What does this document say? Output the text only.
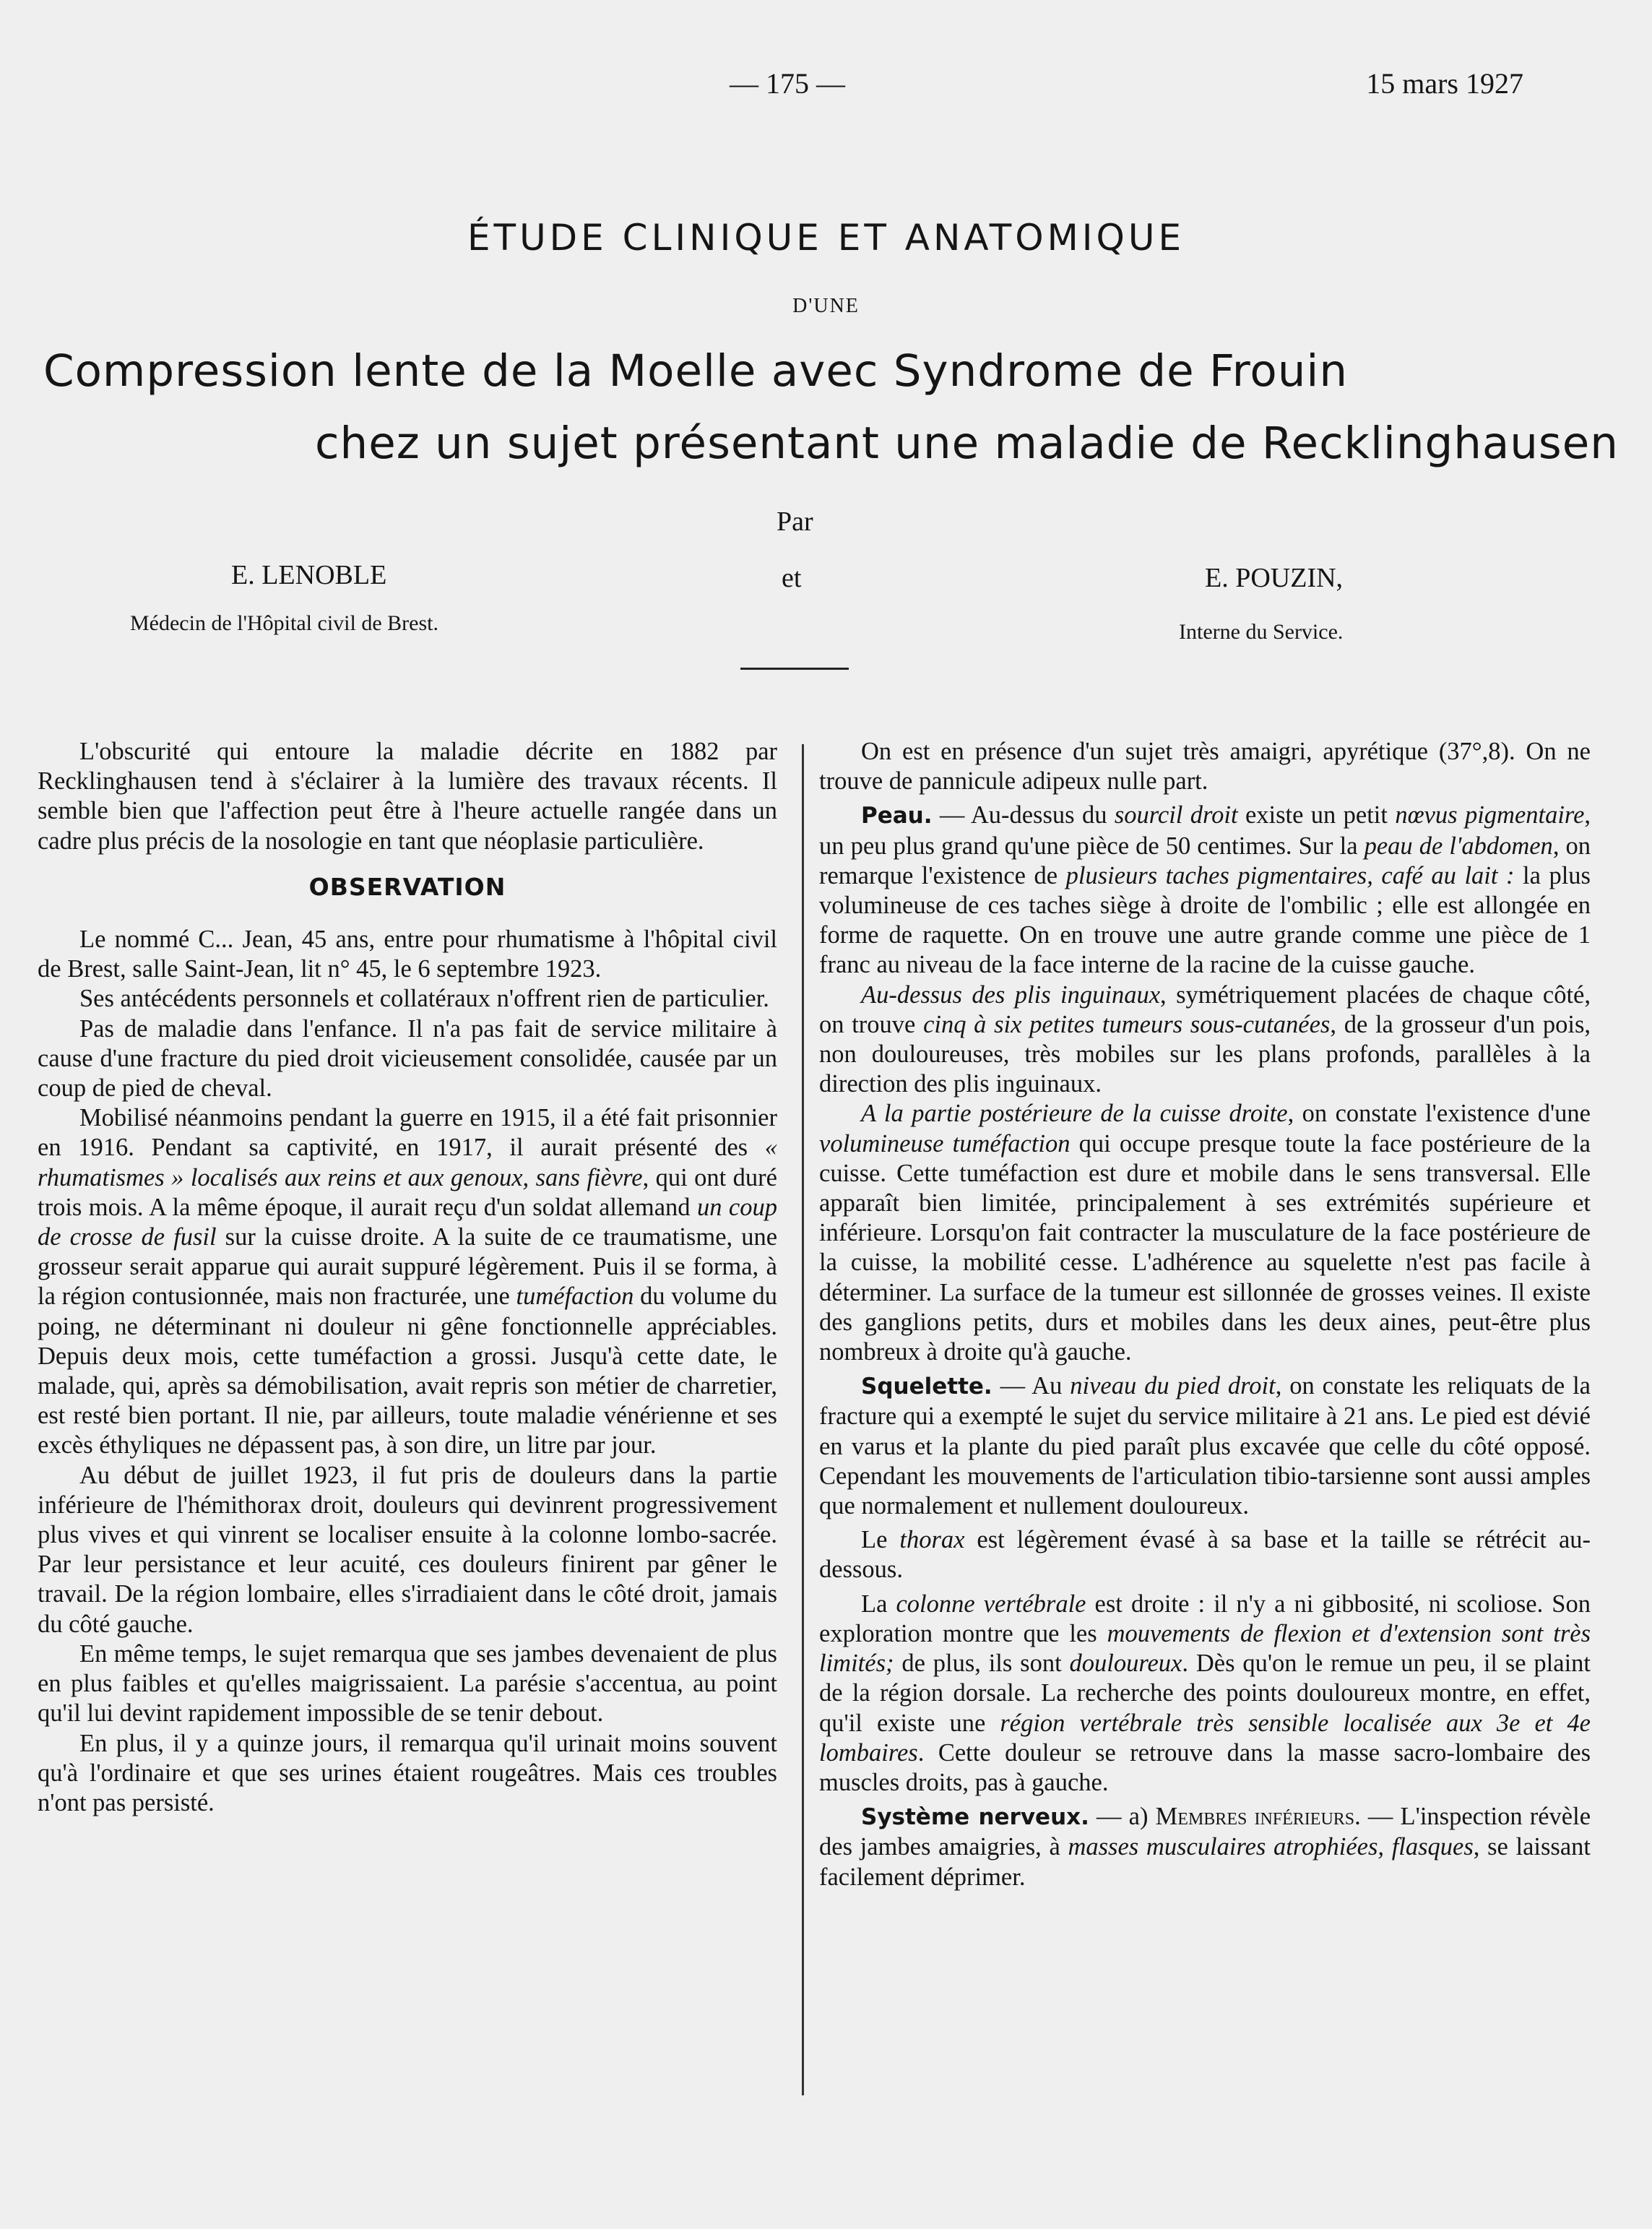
— 175 —	15 mars 1927
ÉTUDE CLINIQUE ET ANATOMIQUE
D'UNE
Compression lente de la Moelle avec Syndrome de Frouin
chez un sujet présentant une maladie de Recklinghausen
Par
E. LENOBLE	et	E. POUZIN,
Médecin de l'Hôpital civil de Brest.	Interne du Service.

L'obscurité qui entoure la maladie décrite en 1882 par Recklinghausen tend à s'éclairer à la lumière des travaux récents. Il semble bien que l'affection peut être à l'heure actuelle rangée dans un cadre plus précis de la nosologie en tant que néoplasie particulière.

OBSERVATION

Le nommé C... Jean, 45 ans, entre pour rhumatisme à l'hôpital civil de Brest, salle Saint-Jean, lit n° 45, le 6 septembre 1923.

Ses antécédents personnels et collatéraux n'offrent rien de particulier.

Pas de maladie dans l'enfance. Il n'a pas fait de service militaire à cause d'une fracture du pied droit vicieusement consolidée, causée par un coup de pied de cheval.

Mobilisé néanmoins pendant la guerre en 1915, il a été fait prisonnier en 1916. Pendant sa captivité, en 1917, il aurait présenté des « rhumatismes » localisés aux reins et aux genoux, sans fièvre, qui ont duré trois mois. A la même époque, il aurait reçu d'un soldat allemand un coup de crosse de fusil sur la cuisse droite. A la suite de ce traumatisme, une grosseur serait apparue qui aurait suppuré légèrement. Puis il se forma, à la région contusionnée, mais non fracturée, une tuméfaction du volume du poing, ne déterminant ni douleur ni gêne fonctionnelle appréciables. Depuis deux mois, cette tuméfaction a grossi. Jusqu'à cette date, le malade, qui, après sa démobilisation, avait repris son métier de charretier, est resté bien portant. Il nie, par ailleurs, toute maladie vénérienne et ses excès éthyliques ne dépassent pas, à son dire, un litre par jour.

Au début de juillet 1923, il fut pris de douleurs dans la partie inférieure de l'hémithorax droit, douleurs qui devinrent progressivement plus vives et qui vinrent se localiser ensuite à la colonne lombo-sacrée. Par leur persistance et leur acuité, ces douleurs finirent par gêner le travail. De la région lombaire, elles s'irradiaient dans le côté droit, jamais du côté gauche.

En même temps, le sujet remarqua que ses jambes devenaient de plus en plus faibles et qu'elles maigrissaient. La parésie s'accentua, au point qu'il lui devint rapidement impossible de se tenir debout.

En plus, il y a quinze jours, il remarqua qu'il urinait moins souvent qu'à l'ordinaire et que ses urines étaient rougeâtres. Mais ces troubles n'ont pas persisté.

On est en présence d'un sujet très amaigri, apyrétique (37°,8). On ne trouve de pannicule adipeux nulle part.

Peau. — Au-dessus du sourcil droit existe un petit nœvus pigmentaire, un peu plus grand qu'une pièce de 50 centimes. Sur la peau de l'abdomen, on remarque l'existence de plusieurs taches pigmentaires, café au lait : la plus volumineuse de ces taches siège à droite de l'ombilic ; elle est allongée en forme de raquette. On en trouve une autre grande comme une pièce de 1 franc au niveau de la face interne de la racine de la cuisse gauche.

Au-dessus des plis inguinaux, symétriquement placées de chaque côté, on trouve cinq à six petites tumeurs sous-cutanées, de la grosseur d'un pois, non douloureuses, très mobiles sur les plans profonds, parallèles à la direction des plis inguinaux.

A la partie postérieure de la cuisse droite, on constate l'existence d'une volumineuse tuméfaction qui occupe presque toute la face postérieure de la cuisse. Cette tuméfaction est dure et mobile dans le sens transversal. Elle apparaît bien limitée, principalement à ses extrémités supérieure et inférieure. Lorsqu'on fait contracter la musculature de la face postérieure de la cuisse, la mobilité cesse. L'adhérence au squelette n'est pas facile à déterminer. La surface de la tumeur est sillonnée de grosses veines. Il existe des ganglions petits, durs et mobiles dans les deux aines, peut-être plus nombreux à droite qu'à gauche.

Squelette. — Au niveau du pied droit, on constate les reliquats de la fracture qui a exempté le sujet du service militaire à 21 ans. Le pied est dévié en varus et la plante du pied paraît plus excavée que celle du côté opposé. Cependant les mouvements de l'articulation tibio-tarsienne sont aussi amples que normalement et nullement douloureux.

Le thorax est légèrement évasé à sa base et la taille se rétrécit au-dessous.

La colonne vertébrale est droite : il n'y a ni gibbosité, ni scoliose. Son exploration montre que les mouvements de flexion et d'extension sont très limités; de plus, ils sont douloureux. Dès qu'on le remue un peu, il se plaint de la région dorsale. La recherche des points douloureux montre, en effet, qu'il existe une région vertébrale très sensible localisée aux 3e et 4e lombaires. Cette douleur se retrouve dans la masse sacro-lombaire des muscles droits, pas à gauche.

Système nerveux. — a) Membres inférieurs. — L'inspection révèle des jambes amaigries, à masses musculaires atrophiées, flasques, se laissant facilement déprimer.
